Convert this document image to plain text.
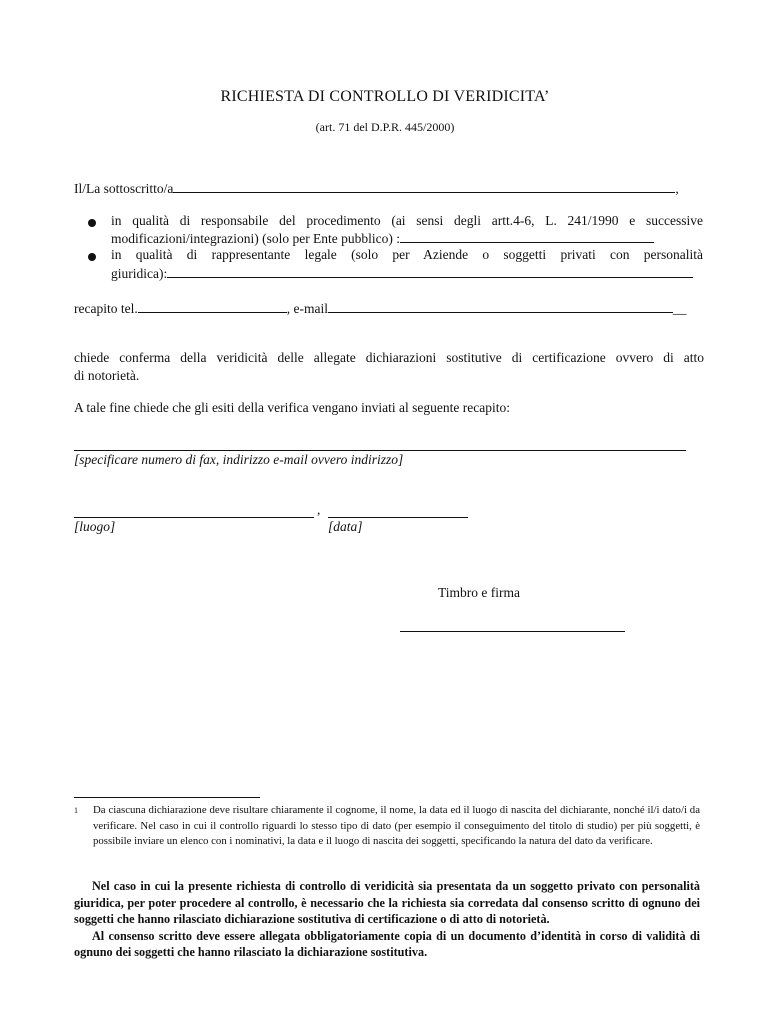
RICHIESTA DI CONTROLLO DI VERIDICITA’
(art. 71 del D.P.R. 445/2000)
Il/La sottoscritto/a	,
in qualità di responsabile del procedimento (ai sensi degli artt.4-6, L. 241/1990 e successive
modificazioni/integrazioni) (solo per Ente pubblico) :
in qualità di rappresentante legale (solo per Aziende o soggetti privati con personalità
giuridica):
recapito tel.	, e-mail	__
chiede conferma della veridicità delle allegate dichiarazioni sostitutive di certificazione ovvero di atto
di notorietà.
A tale fine chiede che gli esiti della verifica vengano inviati al seguente recapito:
[specificare numero di fax, indirizzo e-mail ovvero indirizzo]
,
[luogo]	[data]
Timbro e firma
1 Da ciascuna dichiarazione deve risultare chiaramente il cognome, il nome, la data ed il luogo di nascita del dichiarante, nonché il/i dato/i da verificare. Nel caso in cui il controllo riguardi lo stesso tipo di dato (per esempio il conseguimento del titolo di studio) per più soggetti, è possibile inviare un elenco con i nominativi, la data e il luogo di nascita dei soggetti, specificando la natura del dato da verificare.

Nel caso in cui la presente richiesta di controllo di veridicità sia presentata da un soggetto privato con personalità giuridica, per poter procedere al controllo, è necessario che la richiesta sia corredata dal consenso scritto di ognuno dei soggetti che hanno rilasciato dichiarazione sostitutiva di certificazione o di atto di notorietà.

Al consenso scritto deve essere allegata obbligatoriamente copia di un documento d’identità in corso di validità di ognuno dei soggetti che hanno rilasciato la dichiarazione sostitutiva.
